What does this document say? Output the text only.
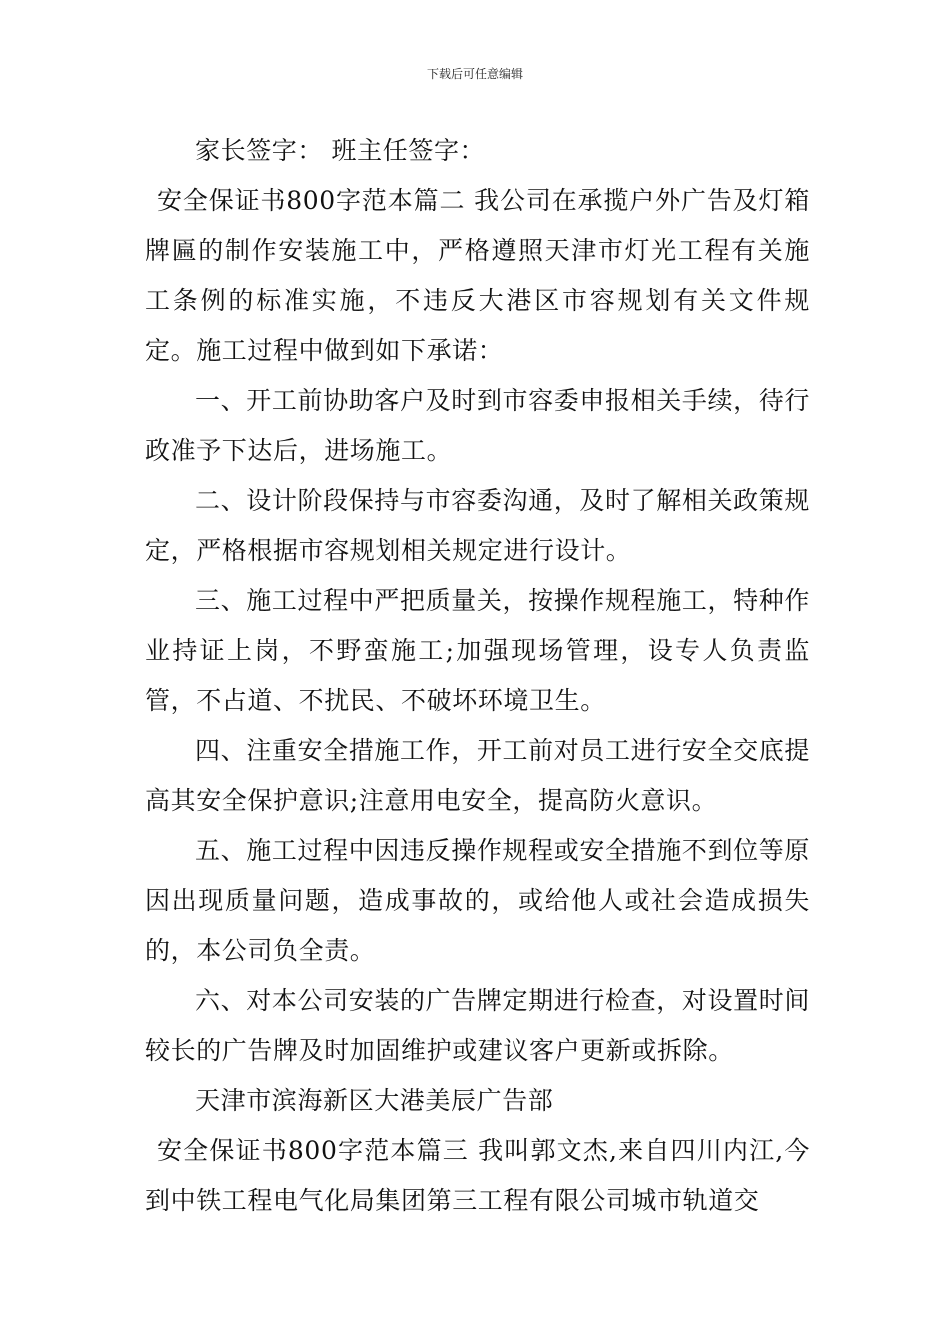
下载后可任意编辑

家长签字： 班主任签字：

安全保证书800字范本篇二 我公司在承揽户外广告及灯箱牌匾的制作安装施工中，严格遵照天津市灯光工程有关施工条例的标准实施，不违反大港区市容规划有关文件规定。施工过程中做到如下承诺：

一、开工前协助客户及时到市容委申报相关手续，待行政准予下达后，进场施工。

二、设计阶段保持与市容委沟通，及时了解相关政策规定，严格根据市容规划相关规定进行设计。

三、施工过程中严把质量关，按操作规程施工，特种作业持证上岗，不野蛮施工;加强现场管理，设专人负责监管，不占道、不扰民、不破坏环境卫生。

四、注重安全措施工作，开工前对员工进行安全交底提高其安全保护意识;注意用电安全，提高防火意识。

五、施工过程中因违反操作规程或安全措施不到位等原因出现质量问题，造成事故的，或给他人或社会造成损失的，本公司负全责。

六、对本公司安装的广告牌定期进行检查，对设置时间较长的广告牌及时加固维护或建议客户更新或拆除。

天津市滨海新区大港美辰广告部

安全保证书800字范本篇三 我叫郭文杰,来自四川内江,今到中铁工程电气化局集团第三工程有限公司城市轨道交
